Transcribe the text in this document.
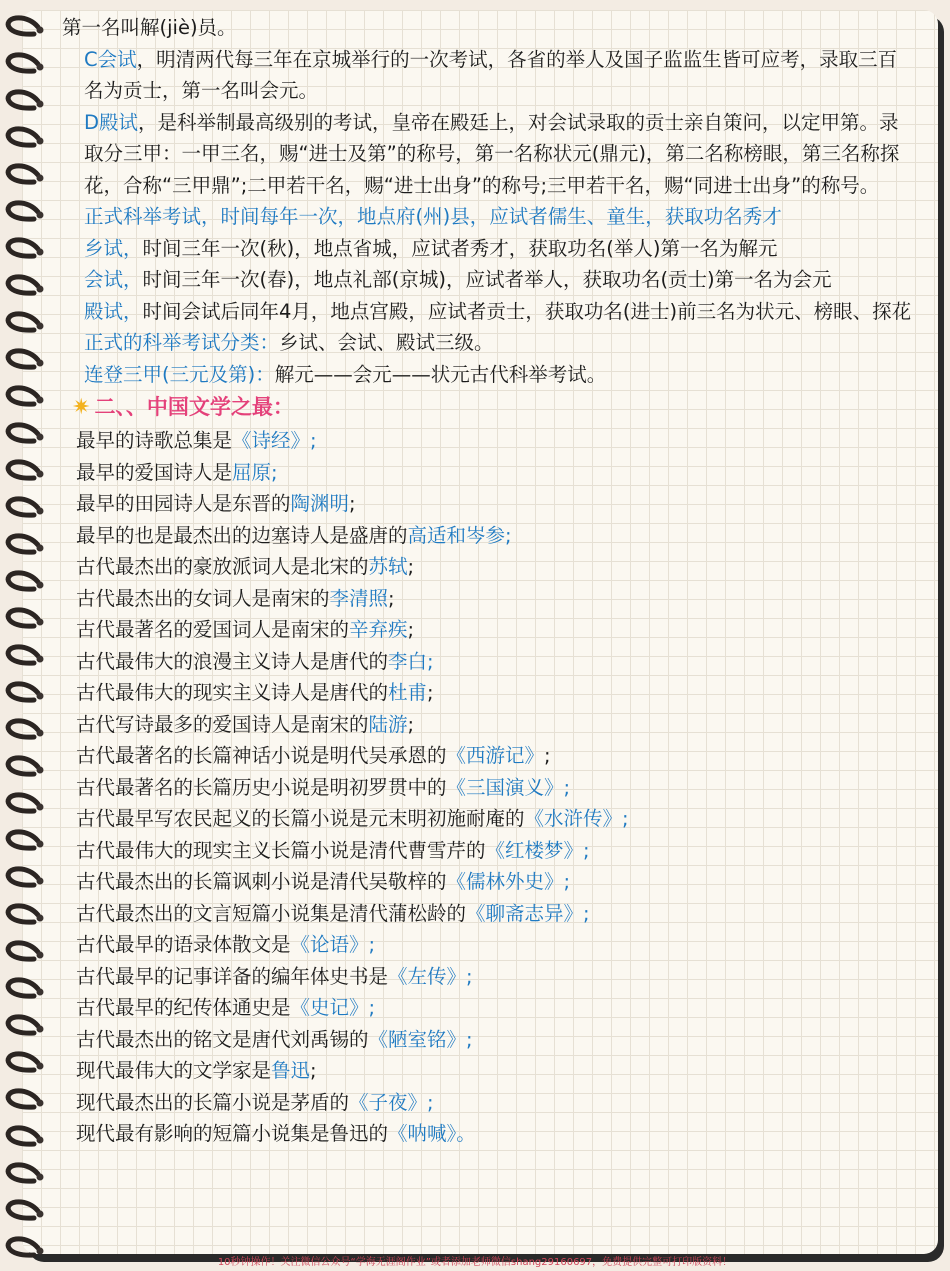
第一名叫解(jiè)员。

C会试，明清两代每三年在京城举行的一次考试，各省的举人及国子监监生皆可应考，录取三百名为贡士，第一名叫会元。

D殿试，是科举制最高级别的考试，皇帝在殿廷上，对会试录取的贡士亲自策问，以定甲第。录取分三甲：一甲三名，赐“进士及第”的称号，第一名称状元(鼎元)，第二名称榜眼，第三名称探花，合称“三甲鼎”;二甲若干名，赐“进士出身”的称号;三甲若干名，赐“同进士出身”的称号。

正式科举考试，时间每年一次，地点府(州)县，应试者儒生、童生，获取功名秀才

乡试，时间三年一次(秋)，地点省城，应试者秀才，获取功名(举人)第一名为解元

会试，时间三年一次(春)，地点礼部(京城)，应试者举人，获取功名(贡士)第一名为会元

殿试，时间会试后同年4月，地点宫殿，应试者贡士，获取功名(进士)前三名为状元、榜眼、探花

正式的科举考试分类：乡试、会试、殿试三级。

连登三甲(三元及第)：解元——会元——状元古代科举考试。

✷ 二、、中国文学之最：

最早的诗歌总集是《诗经》;

最早的爱国诗人是屈原;

最早的田园诗人是东晋的陶渊明;

最早的也是最杰出的边塞诗人是盛唐的高适和岑参;

古代最杰出的豪放派词人是北宋的苏轼;

古代最杰出的女词人是南宋的李清照;

古代最著名的爱国词人是南宋的辛弃疾;

古代最伟大的浪漫主义诗人是唐代的李白;

古代最伟大的现实主义诗人是唐代的杜甫;

古代写诗最多的爱国诗人是南宋的陆游;

古代最著名的长篇神话小说是明代吴承恩的《西游记》;

古代最著名的长篇历史小说是明初罗贯中的《三国演义》;

古代最早写农民起义的长篇小说是元末明初施耐庵的《水浒传》;

古代最伟大的现实主义长篇小说是清代曹雪芹的《红楼梦》;

古代最杰出的长篇讽刺小说是清代吴敬梓的《儒林外史》;

古代最杰出的文言短篇小说集是清代蒲松龄的《聊斋志异》;

古代最早的语录体散文是《论语》;

古代最早的记事详备的编年体史书是《左传》;

古代最早的纪传体通史是《史记》;

古代最杰出的铭文是唐代刘禹锡的《陋室铭》;

现代最伟大的文学家是鲁迅;

现代最杰出的长篇小说是茅盾的《子夜》;

现代最有影响的短篇小说集是鲁迅的《呐喊》。

10秒钟操作！关注微信公众号“学海无涯阁作业”或者添加老师微信shang29160697，免费提供完整可打印版资料！
